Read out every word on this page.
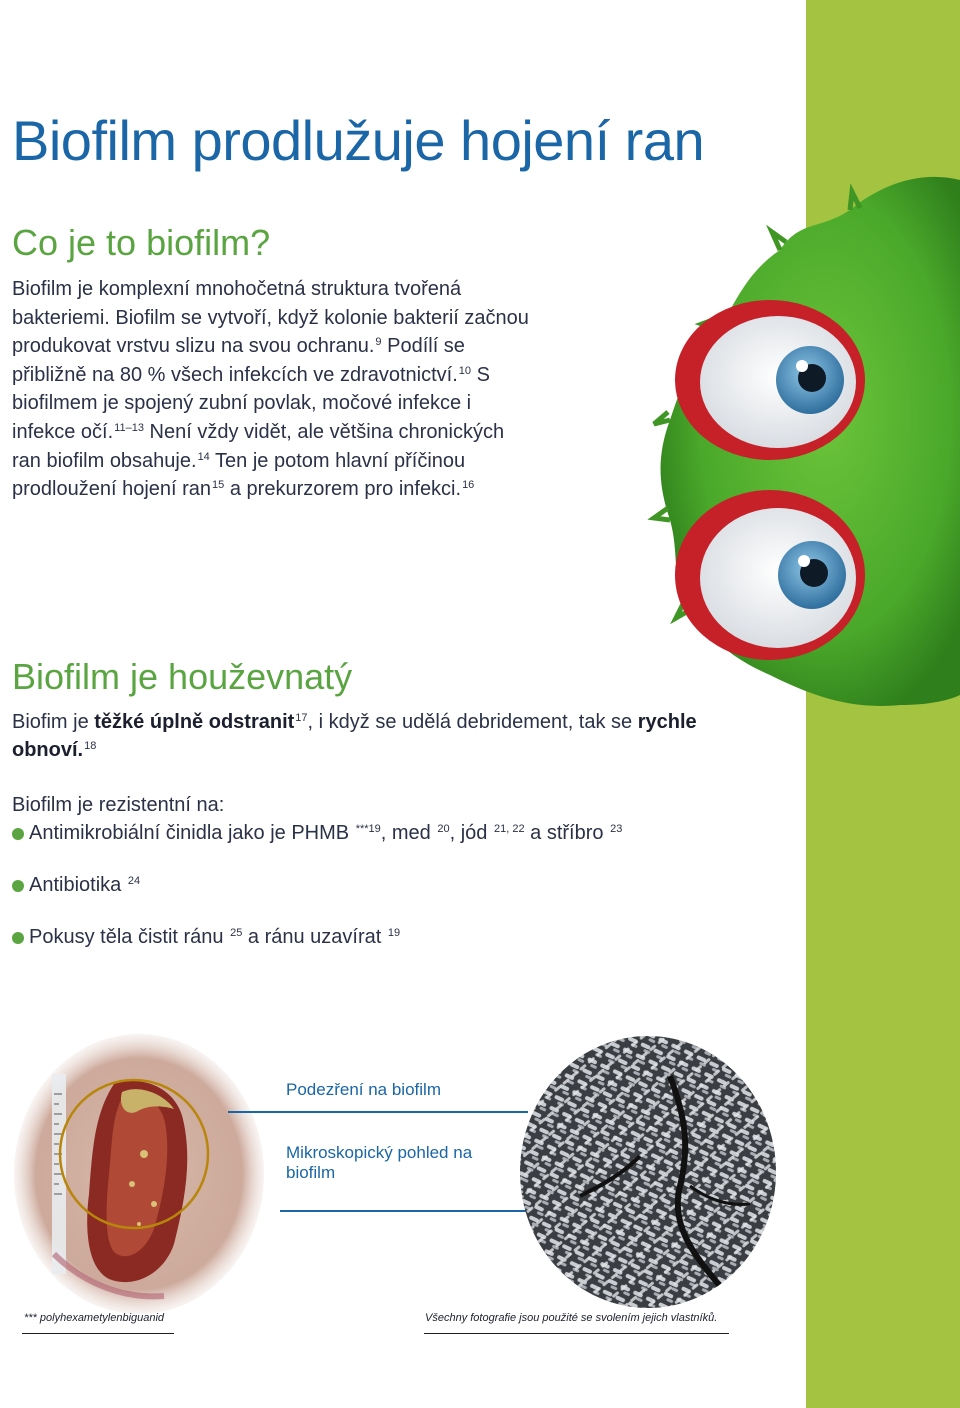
Biofilm prodlužuje hojení ran
Co je to biofilm?

Biofilm je komplexní mnohočetná struktura tvořená bakteriemi. Biofilm se vytvoří, když kolonie bakterií začnou produkovat vrstvu slizu na svou ochranu.$^9$ Podílí se přibližně na 80 % všech infekcích ve zdravotnictví.$^{10}$ S biofilmem je spojený zubní povlak, močové infekce i infekce očí.$^{11-13}$ Není vždy vidět, ale většina chronických ran biofilm obsahuje.$^{14}$ Ten je potom hlavní příčinou prodloužení hojení ran$^{15}$ a prekurzorem pro infekci.$^{16}$

Biofilm je houževnatý

Biofim je těžké úplně odstranit$^{17}$, i když se udělá debridement, tak se rychle obnoví.$^{18}$

Biofilm je rezistentní na:

Antimikrobiální činidla jako je PHMB $^{***19}$, med $^{20}$, jód $^{21, 22}$ a stříbro $^{23}$

Antibiotika $^{24}$

Pokusy těla čistit ránu $^{25}$ a ránu uzavírat $^{19}$

Podezření na biofilm

Mikroskopický pohled na biofilm

*** polyhexametylenbiguanid	Všechny fotografie jsou použité se svolením jejich vlastníků.
